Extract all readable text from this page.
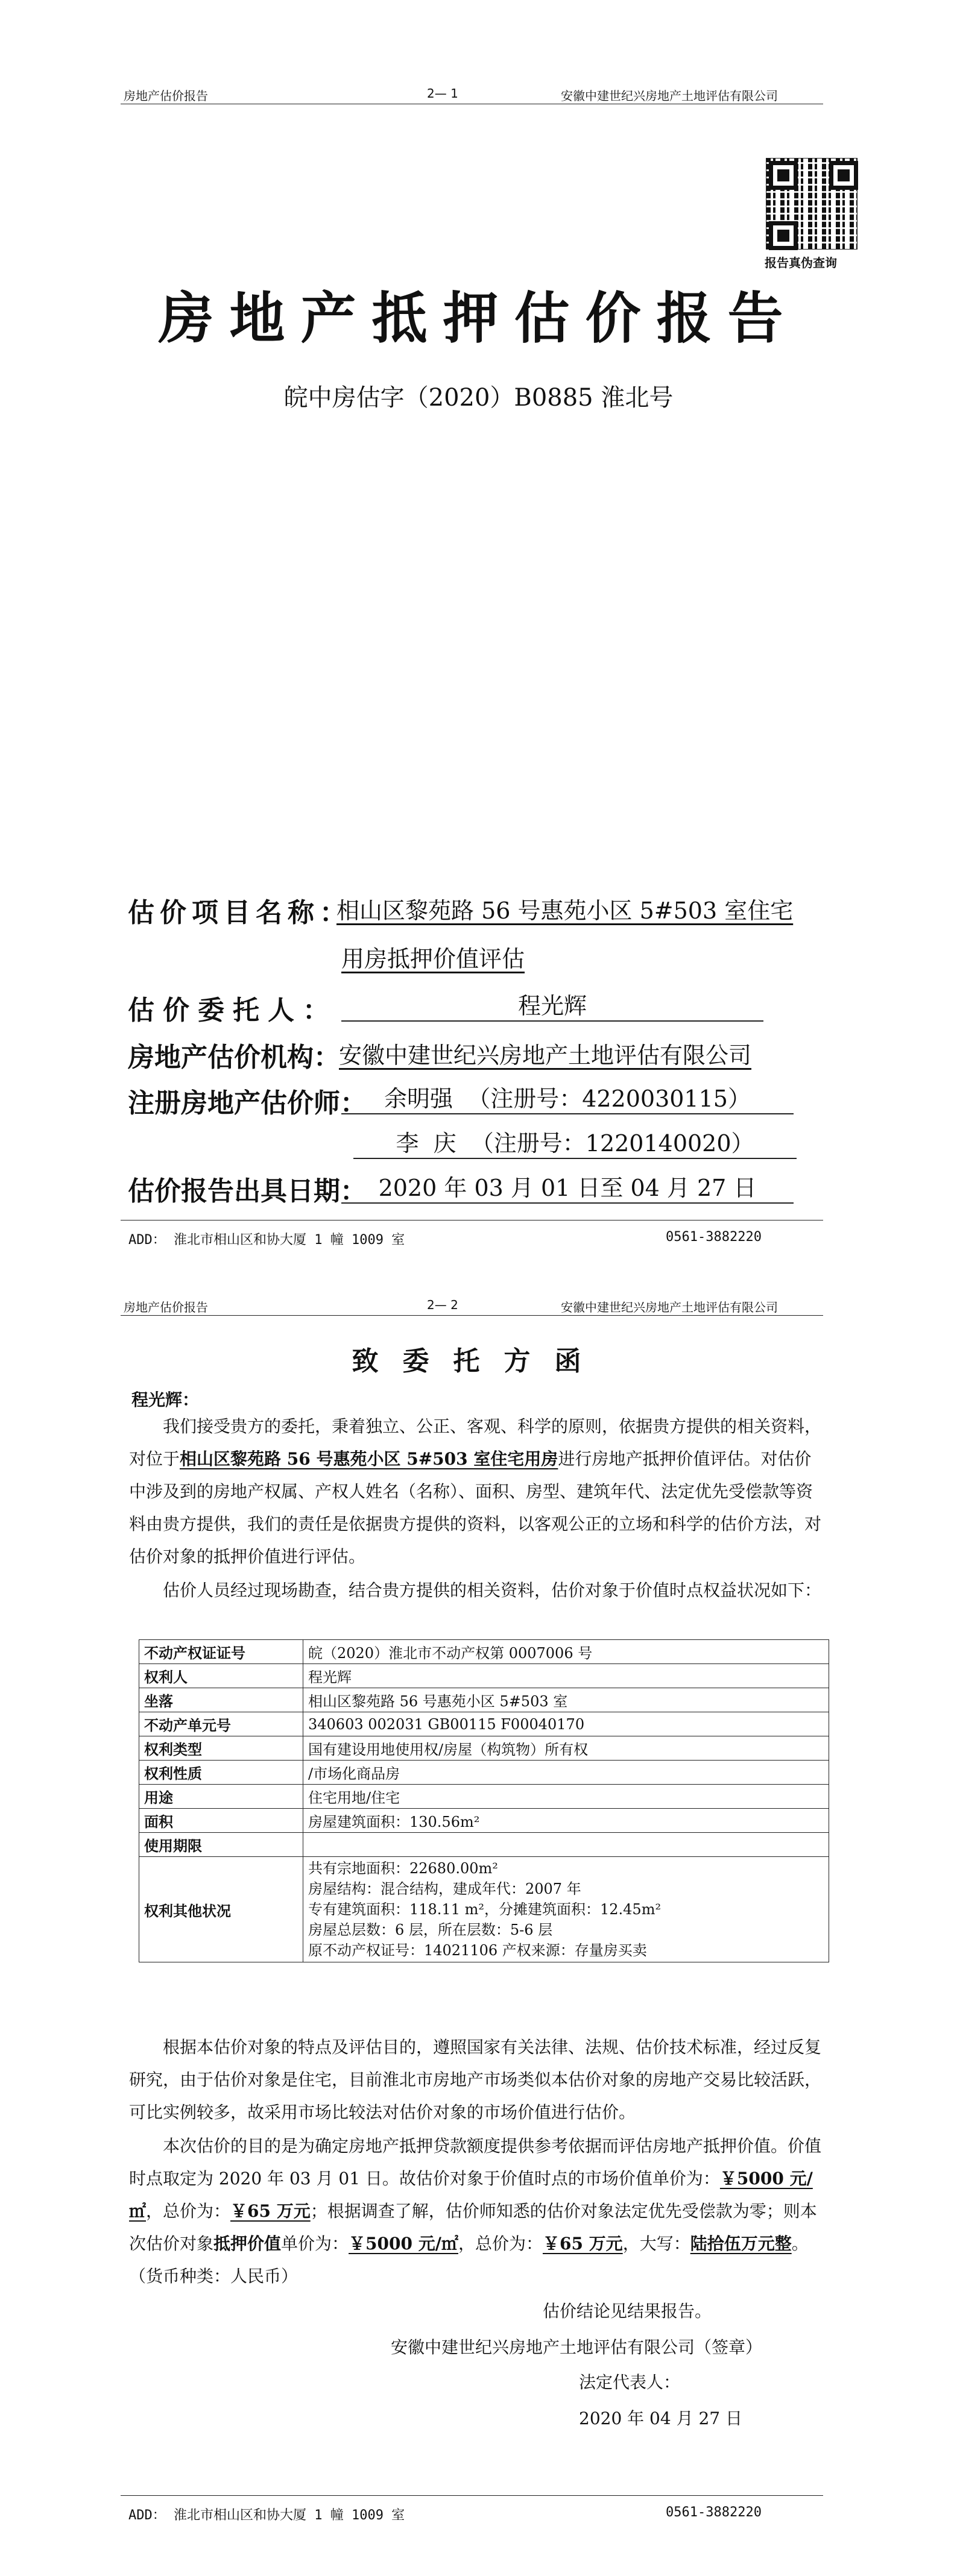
房地产估价报告	2— 1	安徽中建世纪兴房地产土地评估有限公司
报告真伪查询
房地产抵押估价报告
皖中房估字（2020）B0885 淮北号
估价项目名称：
相山区黎苑路 56 号惠苑小区 5#503 室住宅
用房抵押价值评估
估价委托人：	程光辉
房地产估价机构：
安徽中建世纪兴房地产土地评估有限公司
注册房地产估价师： 余明强  （注册号：4220030115）
李  庆  （注册号：1220140020）
估价报告出具日期： 2020 年 03 月 01 日至 04 月 27 日
ADD： 淮北市相山区和协大厦 1 幢 1009 室	0561-3882220
房地产估价报告	2— 2	安徽中建世纪兴房地产土地评估有限公司
致委托方函
程光辉：
我们接受贵方的委托，秉着独立、公正、客观、科学的原则，依据贵方提供的相关资料，对位于相山区黎苑路 56 号惠苑小区 5#503 室住宅用房进行房地产抵押价值评估。对估价中涉及到的房地产权属、产权人姓名（名称）、面积、房型、建筑年代、法定优先受偿款等资料由贵方提供，我们的责任是依据贵方提供的资料，以客观公正的立场和科学的估价方法，对估价对象的抵押价值进行评估。
估价人员经过现场勘查，结合贵方提供的相关资料，估价对象于价值时点权益状况如下：
不动产权证证号	皖（2020）淮北市不动产权第 0007006 号
权利人	程光辉
坐落	相山区黎苑路 56 号惠苑小区 5#503 室
不动产单元号	340603 002031 GB00115 F00040170
权利类型	国有建设用地使用权/房屋（构筑物）所有权
权利性质	/市场化商品房
用途	住宅用地/住宅
面积	房屋建筑面积：130.56m²
使用期限	
权利其他状况	共有宗地面积：22680.00m²
房屋结构：混合结构，建成年代：2007 年
专有建筑面积：118.11 m²，分摊建筑面积：12.45m²
房屋总层数：6 层，所在层数：5-6 层
原不动产权证号：14021106 产权来源：存量房买卖
根据本估价对象的特点及评估目的，遵照国家有关法律、法规、估价技术标准，经过反复研究，由于估价对象是住宅，目前淮北市房地产市场类似本估价对象的房地产交易比较活跃，可比实例较多，故采用市场比较法对估价对象的市场价值进行估价。
本次估价的目的是为确定房地产抵押贷款额度提供参考依据而评估房地产抵押价值。价值时点取定为 2020 年 03 月 01 日。故估价对象于价值时点的市场价值单价为：￥5000 元/㎡，总价为：￥65 万元；根据调查了解，估价师知悉的估价对象法定优先受偿款为零；则本次估价对象抵押价值单价为：￥5000 元/㎡，总价为：￥65 万元，大写：陆拾伍万元整。（货币种类：人民币）
估价结论见结果报告。
安徽中建世纪兴房地产土地评估有限公司（签章）
法定代表人：
2020 年 04 月 27 日
ADD： 淮北市相山区和协大厦 1 幢 1009 室	0561-3882220
